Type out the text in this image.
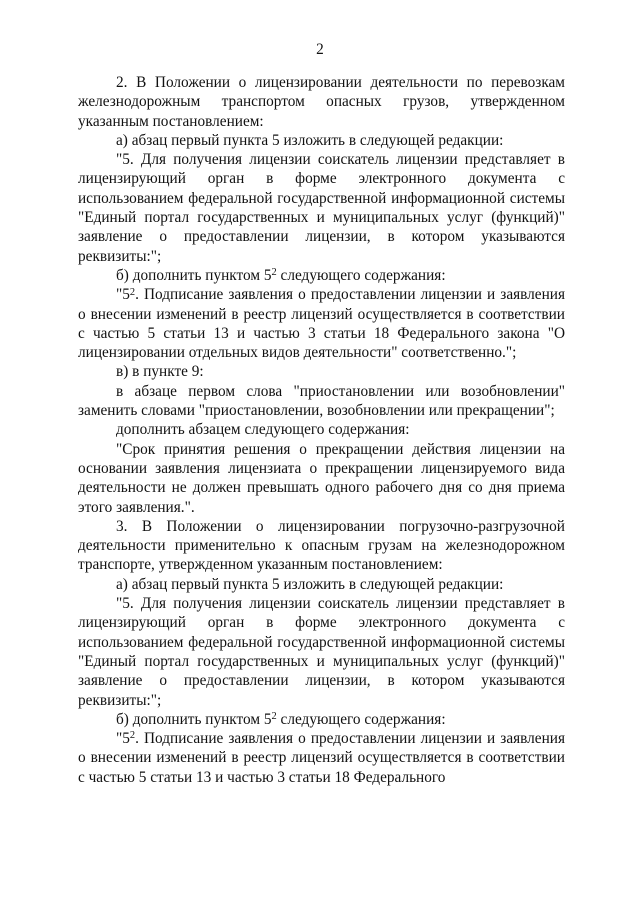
2

2. В Положении о лицензировании деятельности по перевозкам железнодорожным транспортом опасных грузов, утвержденном указанным постановлением:

а) абзац первый пункта 5 изложить в следующей редакции:

"5. Для получения лицензии соискатель лицензии представляет в лицензирующий орган в форме электронного документа с использованием федеральной государственной информационной системы "Единый портал государственных и муниципальных услуг (функций)" заявление о предоставлении лицензии, в котором указываются реквизиты:";

б) дополнить пунктом $5^2$ следующего содержания:

"$5^2$. Подписание заявления о предоставлении лицензии и заявления о внесении изменений в реестр лицензий осуществляется в соответствии с частью 5 статьи 13 и частью 3 статьи 18 Федерального закона "О лицензировании отдельных видов деятельности" соответственно.";

в) в пункте 9:

в абзаце первом слова "приостановлении или возобновлении" заменить словами "приостановлении, возобновлении или прекращении";

дополнить абзацем следующего содержания:

"Срок принятия решения о прекращении действия лицензии на основании заявления лицензиата о прекращении лицензируемого вида деятельности не должен превышать одного рабочего дня со дня приема этого заявления.".

3. В Положении о лицензировании погрузочно-разгрузочной деятельности применительно к опасным грузам на железнодорожном транспорте, утвержденном указанным постановлением:

а) абзац первый пункта 5 изложить в следующей редакции:

"5. Для получения лицензии соискатель лицензии представляет в лицензирующий орган в форме электронного документа с использованием федеральной государственной информационной системы "Единый портал государственных и муниципальных услуг (функций)" заявление о предоставлении лицензии, в котором указываются реквизиты:";

б) дополнить пунктом $5^2$ следующего содержания:

"$5^2$. Подписание заявления о предоставлении лицензии и заявления о внесении изменений в реестр лицензий осуществляется в соответствии с частью 5 статьи 13 и частью 3 статьи 18 Федерального
